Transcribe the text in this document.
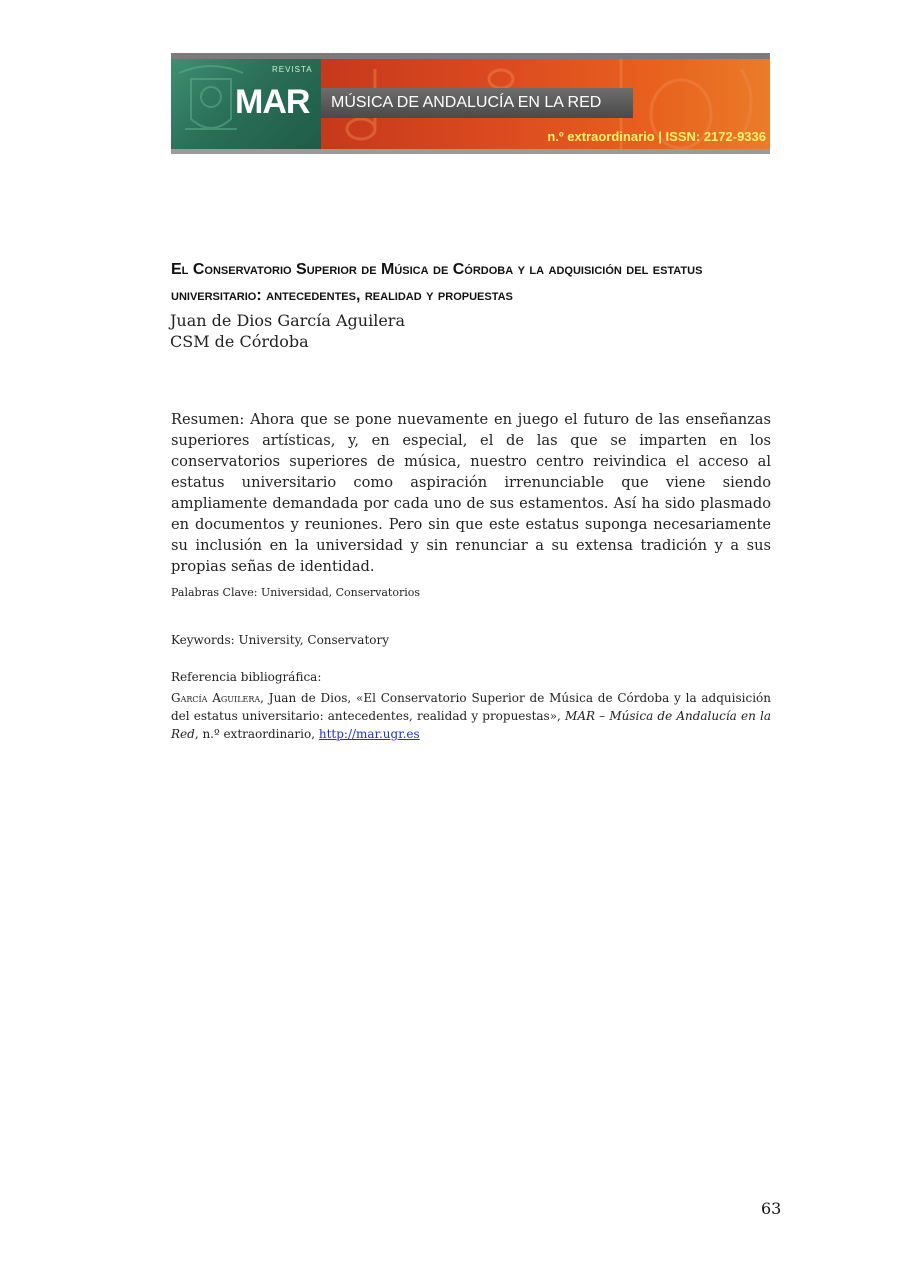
REVISTA
MAR MÚSICA DE ANDALUCÍA EN LA RED
n.º extraordinario | ISSN: 2172-9336
El Conservatorio Superior de Música de Córdoba y la adquisición del estatus universitario: antecedentes, realidad y propuestas

Juan de Dios García Aguilera

CSM de Córdoba

Resumen: Ahora que se pone nuevamente en juego el futuro de las enseñanzas superiores artísticas, y, en especial, el de las que se imparten en los conservatorios superiores de música, nuestro centro reivindica el acceso al estatus universitario como aspiración irrenunciable que viene siendo ampliamente demandada por cada uno de sus estamentos. Así ha sido plasmado en documentos y reuniones. Pero sin que este estatus suponga necesariamente su inclusión en la universidad y sin renunciar a su extensa tradición y a sus propias señas de identidad.

Palabras Clave: Universidad, Conservatorios

Keywords: University, Conservatory

Referencia bibliográfica:

García Aguilera, Juan de Dios, «El Conservatorio Superior de Música de Córdoba y la adquisición del estatus universitario: antecedentes, realidad y propuestas», MAR – Música de Andalucía en la Red, n.º extraordinario, http://mar.ugr.es

63
